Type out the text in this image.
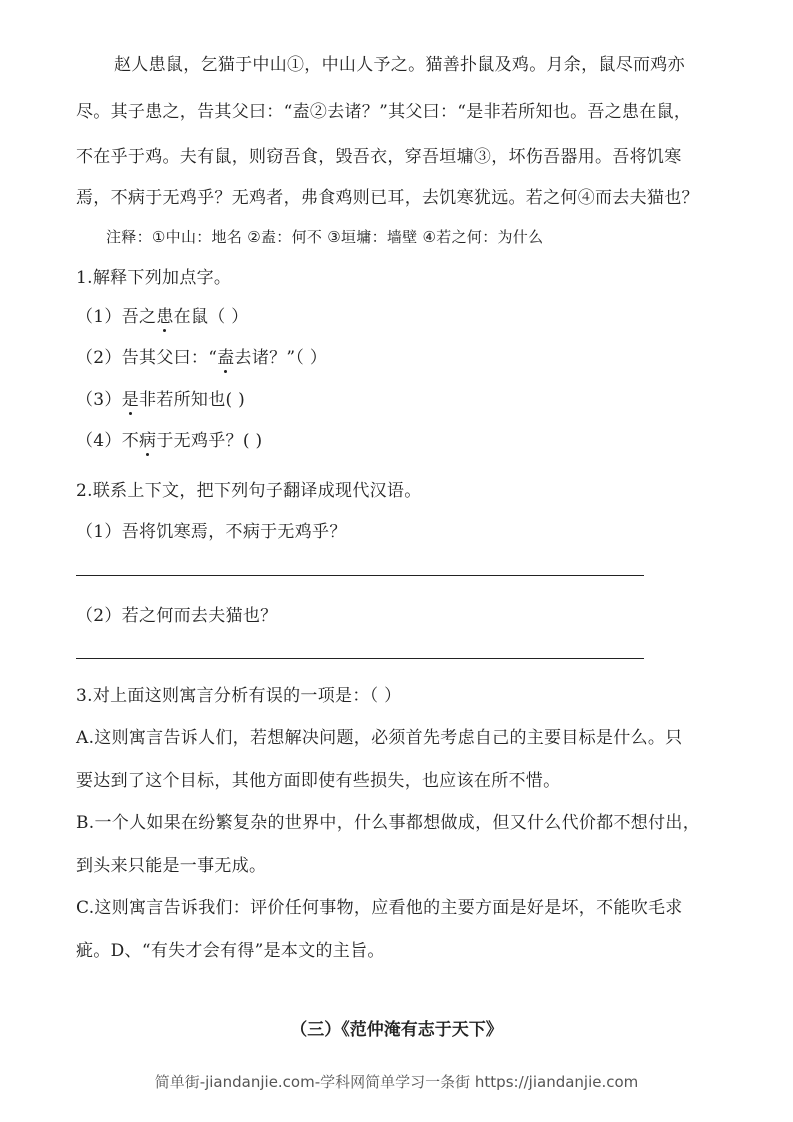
赵人患鼠，乞猫于中山①，中山人予之。猫善扑鼠及鸡。月余，鼠尽而鸡亦
尽。其子患之，告其父曰：“盍②去诸？”其父曰：“是非若所知也。吾之患在鼠，
不在乎于鸡。夫有鼠，则窃吾食，毁吾衣，穿吾垣墉③，坏伤吾器用。吾将饥寒
焉，不病于无鸡乎？无鸡者，弗食鸡则已耳，去饥寒犹远。若之何④而去夫猫也？
注释：①中山：地名 ②盍：何不 ③垣墉：墙壁 ④若之何：为什么
1.解释下列加点字。
（1）吾之患在鼠（ ）
（2）告其父曰：“盍去诸？”（ ）
（3）是非若所知也( )
（4）不病于无鸡乎？( )
2.联系上下文，把下列句子翻译成现代汉语。
（1）吾将饥寒焉，不病于无鸡乎？
（2）若之何而去夫猫也？
3.对上面这则寓言分析有误的一项是：（ ）
A.这则寓言告诉人们，若想解决问题，必须首先考虑自己的主要目标是什么。只
要达到了这个目标，其他方面即使有些损失，也应该在所不惜。
B.一个人如果在纷繁复杂的世界中，什么事都想做成，但又什么代价都不想付出，
到头来只能是一事无成。
C.这则寓言告诉我们：评价任何事物，应看他的主要方面是好是坏，不能吹毛求
疵。D、“有失才会有得”是本文的主旨。
（三）《范仲淹有志于天下》
简单街-jiandanjie.com-学科网简单学习一条街 https://jiandanjie.com
